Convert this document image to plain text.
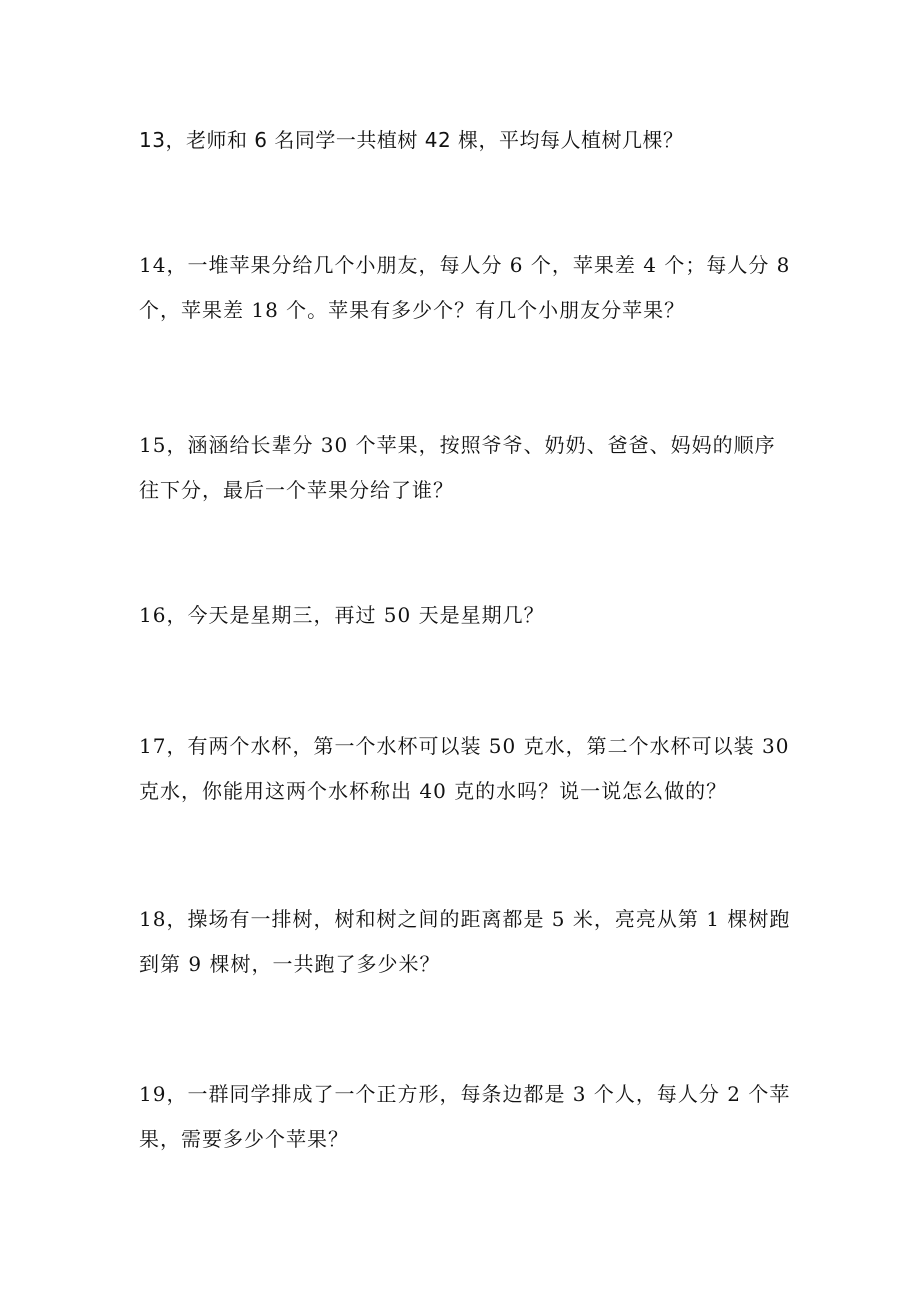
13，老师和 6 名同学一共植树 42 棵，平均每人植树几棵？
14，一堆苹果分给几个小朋友，每人分 6 个，苹果差 4 个；每人分 8
个，苹果差 18 个。苹果有多少个？有几个小朋友分苹果？
15，涵涵给长辈分 30 个苹果，按照爷爷、奶奶、爸爸、妈妈的顺序
往下分，最后一个苹果分给了谁？
16，今天是星期三，再过 50 天是星期几？
17，有两个水杯，第一个水杯可以装 50 克水，第二个水杯可以装 30
克水，你能用这两个水杯称出 40 克的水吗？说一说怎么做的？
18，操场有一排树，树和树之间的距离都是 5 米，亮亮从第 1 棵树跑
到第 9 棵树，一共跑了多少米？
19，一群同学排成了一个正方形，每条边都是 3 个人，每人分 2 个苹
果，需要多少个苹果？
